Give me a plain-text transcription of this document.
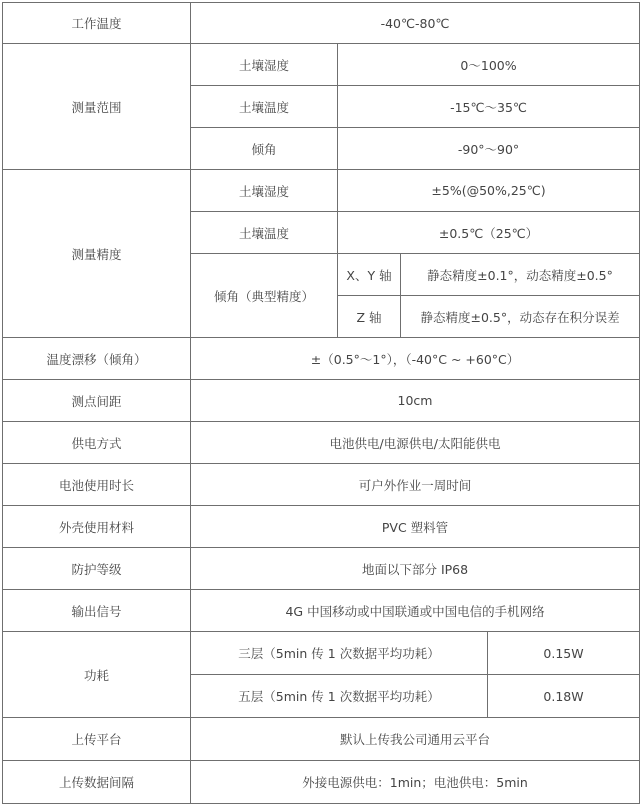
工作温度	-40℃-80℃			
测量范围	土壤湿度	0～100%		
	土壤温度	-15℃～35℃		
	倾角	-90°～90°		
测量精度	土壤湿度	±5%(@50%,25℃)		
	土壤温度	±0.5℃（25℃）		
	倾角（典型精度）	X、Y 轴	静态精度±0.1°，动态精度±0.5°	
		Z 轴	静态精度±0.5°，动态存在积分误差	
温度漂移（倾角）	±（0.5°～1°），（-40°C ~ +60°C）			
测点间距	10cm			
供电方式	电池供电/电源供电/太阳能供电			
电池使用时长	可户外作业一周时间			
外壳使用材料	PVC 塑料管			
防护等级	地面以下部分 IP68			
输出信号	4G 中国移动或中国联通或中国电信的手机网络			
功耗	三层（5min 传 1 次数据平均功耗）			0.15W
	五层（5min 传 1 次数据平均功耗）			0.18W
上传平台	默认上传我公司通用云平台			
上传数据间隔	外接电源供电：1min；电池供电：5min			
